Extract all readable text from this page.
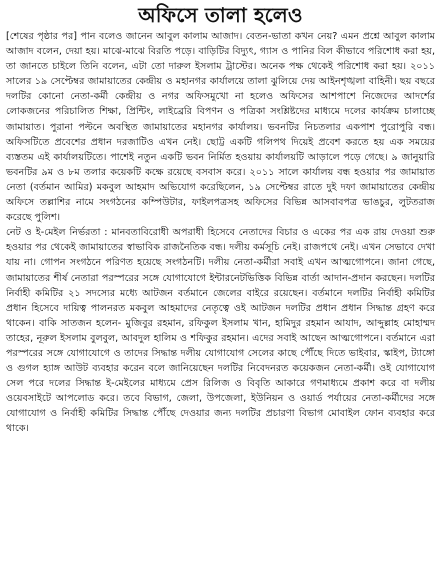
অফিসে তালা হলেও

[শেষের পৃষ্ঠার পর] পান বলেও জানেন আবুল কালাম আজাদ। বেতন-ভাতা কখন নেয়? এমন প্রশ্নে আবুল কালাম আজাদ বলেন, দেয়া হয়। মাঝে-মাঝে বিরতি পড়ে। বাড়িটির বিদ্যুৎ, গ্যাস ও পানির বিল কীভাবে পরিশোধ করা হয়, তা জানতে চাইলে তিনি বলেন, এটা তো দারুল ইসলাম ট্রাস্টের। অনেক পক্ষ থেকেই পরিশোধ করা হয়। ২০১১ সালের ১৯ সেপ্টেম্বর জামায়াতের কেন্দ্রীয় ও মহানগর কার্যালয়ে তালা ঝুলিয়ে দেয় আইনশৃঙ্খলা বাহিনী। ছয় বছরে দলটির কোনো নেতা-কর্মী কেন্দ্রীয় ও নগর অফিসমুখো না হলেও অফিসের আশপাশে নিজেদের আদর্শের লোকজনের পরিচালিত শিক্ষা, প্রিন্টিং, লাইব্রেরি বিপণন ও পত্রিকা সংশ্লিষ্টদের মাধ্যমে দলের কার্যক্রম চালাচ্ছে জামায়াত। পুরানা পল্টনে অবস্থিত জামায়াতের মহানগর কার্যালয়। ভবনটির নিচতলার একপাশ পুরোপুরি বন্ধ। অফিসটিতে প্রবেশের প্রধান দরজাটিও এখন নেই। ছোট্ট একটি গলিপথ দিয়েই প্রবেশ করতে হয় এক সময়ের ব্যস্ততম এই কার্যালয়টিতে। পাশেই নতুন একটি ভবন নির্মিত হওয়ায় কার্যালয়টি আড়ালে পড়ে গেছে। ৯ জানুয়ারি ভবনটির ৯ম ও ৮ম তলার কয়েকটি কক্ষে রয়েছে বসবাস করে। ২০১১ সালে কার্যালয় বন্ধ হওয়ার পর জামায়াত নেতা (বর্তমান আমির) মকবুল আহমাদ অভিযোগ করেছিলেন, ১৯ সেপ্টেম্বর রাতে দুই দফা জামায়াতের কেন্দ্রীয় অফিসে তল্লাশির নামে সংগঠনের কম্পিউটার, ফাইলপত্রসহ অফিসের বিভিন্ন আসবাবপত্র ভাঙচুর, লুটতরাজ করেছে পুলিশ।
নেট ও ই-মেইল নির্ভরতা : মানবতাবিরোধী অপরাধী হিসেবে নেতাদের বিচার ও একের পর এক রায় দেওয়া শুরু হওয়ার পর থেকেই জামায়াতের স্বাভাবিক রাজনৈতিক বন্ধ। দলীয় কর্মসূচি নেই। রাজপথে নেই। এখন সেভাবে দেখা যায় না। গোপন সংগঠনে পরিণত হয়েছে সংগঠনটি। দলীয় নেতা-কর্মীরা সবাই এখন আত্মগোপনে। জানা গেছে, জামায়াতের শীর্ষ নেতারা পরস্পরের সঙ্গে যোগাযোগে ইন্টারনেটভিত্তিক বিভিন্ন বার্তা আদান-প্রদান করছেন। দলটির নির্বাহী কমিটির ২১ সদস্যের মধ্যে আটজন বর্তমানে জেলের বাইরে রয়েছেন। বর্তমানে দলটির নির্বাহী কমিটির প্রধান হিসেবে দায়িত্ব পালনরত মকবুল আহমাদের নেতৃত্বে ওই আটজন দলটির প্রধান প্রধান সিদ্ধান্ত গ্রহণ করে থাকেন। বাকি সাতজন হলেন- মুজিবুর রহমান, রফিকুল ইসলাম খান, হামিদুর রহমান আযাদ, আব্দুল্লাহ মোহাম্মদ তাহের, নূরুল ইসলাম বুলবুল, আবদুল হালিম ও শফিকুর রহমান। এদের সবাই আছেন আত্মগোপনে। বর্তমানে এরা পরস্পরের সঙ্গে যোগাযোগে ও তাদের সিদ্ধান্ত দলীয় যোগাযোগ সেলের কাছে পৌঁছে দিতে ভাইবার, স্কাইপ, ট্যাঙ্গো ও গুগল হ্যাঙ্গ আউট ব্যবহার করেন বলে জানিয়েছেন দলটির নিবেদনরত কয়েকজন নেতা-কর্মী। ওই যোগাযোগ সেল পরে দলের সিদ্ধান্ত ই-মেইলের মাধ্যমে প্রেস রিলিজ ও বিবৃতি আকারে গণমাধ্যমে প্রকাশ করে বা দলীয় ওয়েবসাইটে আপলোড করে। তবে বিভাগ, জেলা, উপজেলা, ইউনিয়ন ও ওয়ার্ড পর্যায়ের নেতা-কর্মীদের সঙ্গে যোগাযোগ ও নির্বাহী কমিটির সিদ্ধান্ত পৌঁছে দেওয়ার জন্য দলটির প্রচারণা বিভাগ মোবাইল ফোন ব্যবহার করে থাকে।
